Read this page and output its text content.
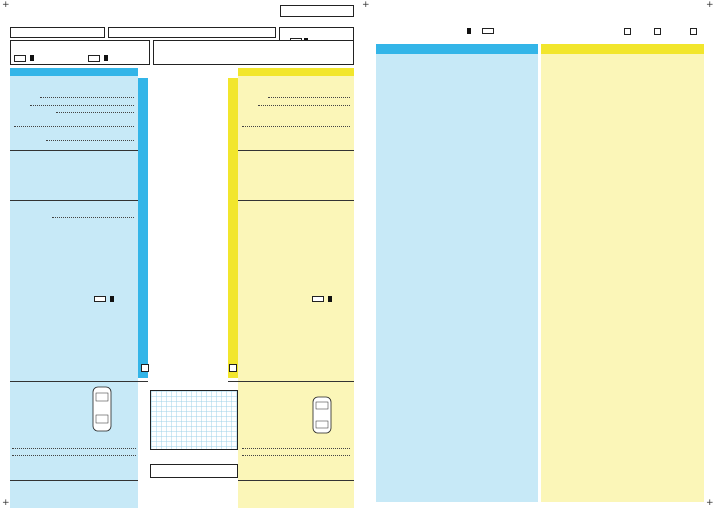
+
+
+	+
+
